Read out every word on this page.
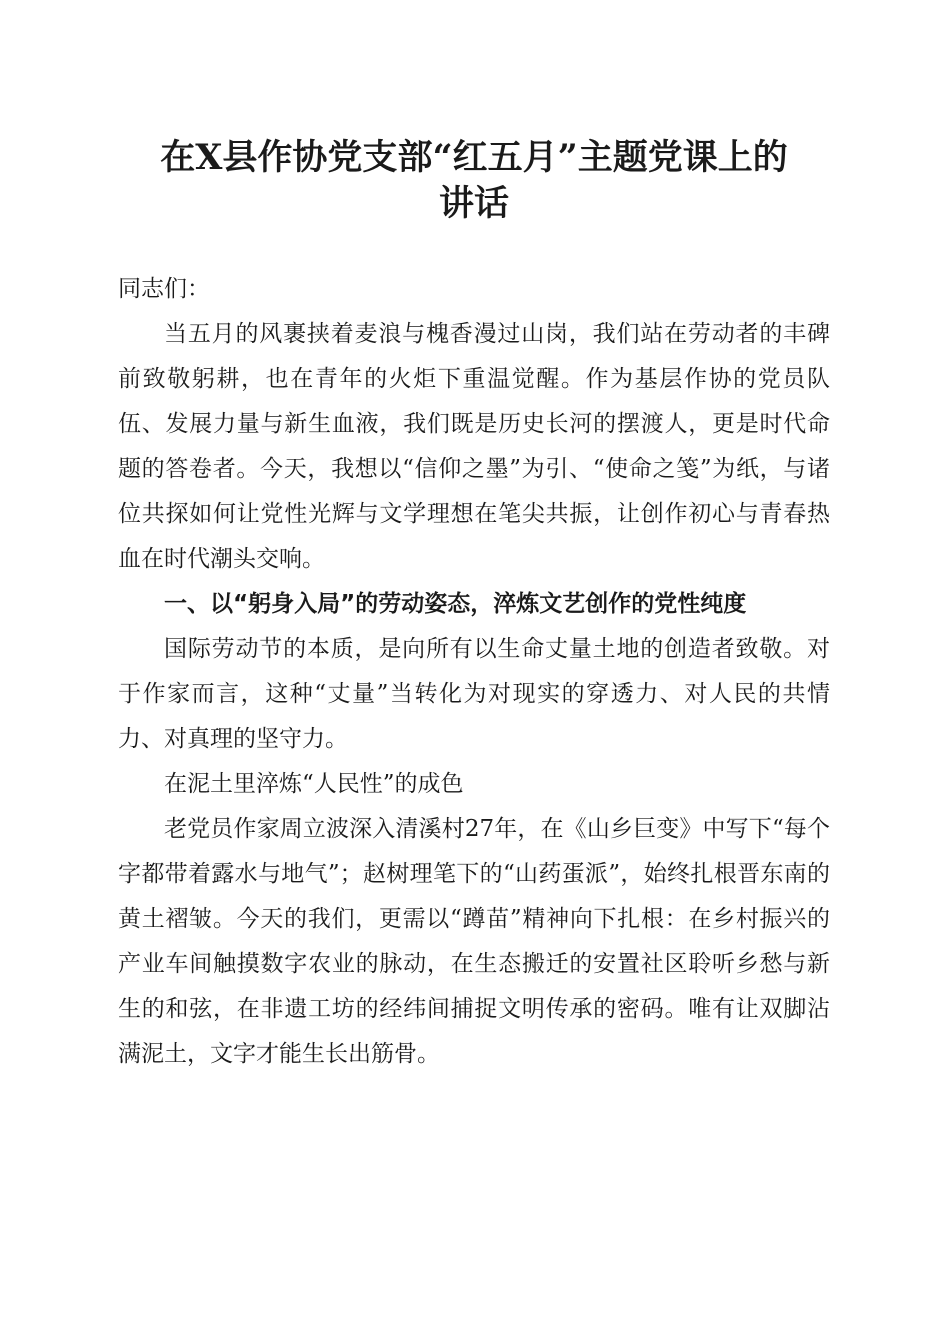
在X县作协党支部“红五月”主题党课上的
讲话

同志们：

当五月的风裹挟着麦浪与槐香漫过山岗，我们站在劳动者的丰碑前致敬躬耕，也在青年的火炬下重温觉醒。作为基层作协的党员队伍、发展力量与新生血液，我们既是历史长河的摆渡人，更是时代命题的答卷者。今天，我想以“信仰之墨”为引、“使命之笺”为纸，与诸位共探如何让党性光辉与文学理想在笔尖共振，让创作初心与青春热血在时代潮头交响。

一、以“躬身入局”的劳动姿态，淬炼文艺创作的党性纯度

国际劳动节的本质，是向所有以生命丈量土地的创造者致敬。对于作家而言，这种“丈量”当转化为对现实的穿透力、对人民的共情力、对真理的坚守力。

在泥土里淬炼“人民性”的成色

老党员作家周立波深入清溪村27年，在《山乡巨变》中写下“每个字都带着露水与地气”；赵树理笔下的“山药蛋派”，始终扎根晋东南的黄土褶皱。今天的我们，更需以“蹲苗”精神向下扎根：在乡村振兴的产业车间触摸数字农业的脉动，在生态搬迁的安置社区聆听乡愁与新生的和弦，在非遗工坊的经纬间捕捉文明传承的密码。唯有让双脚沾满泥土，文字才能生长出筋骨。
